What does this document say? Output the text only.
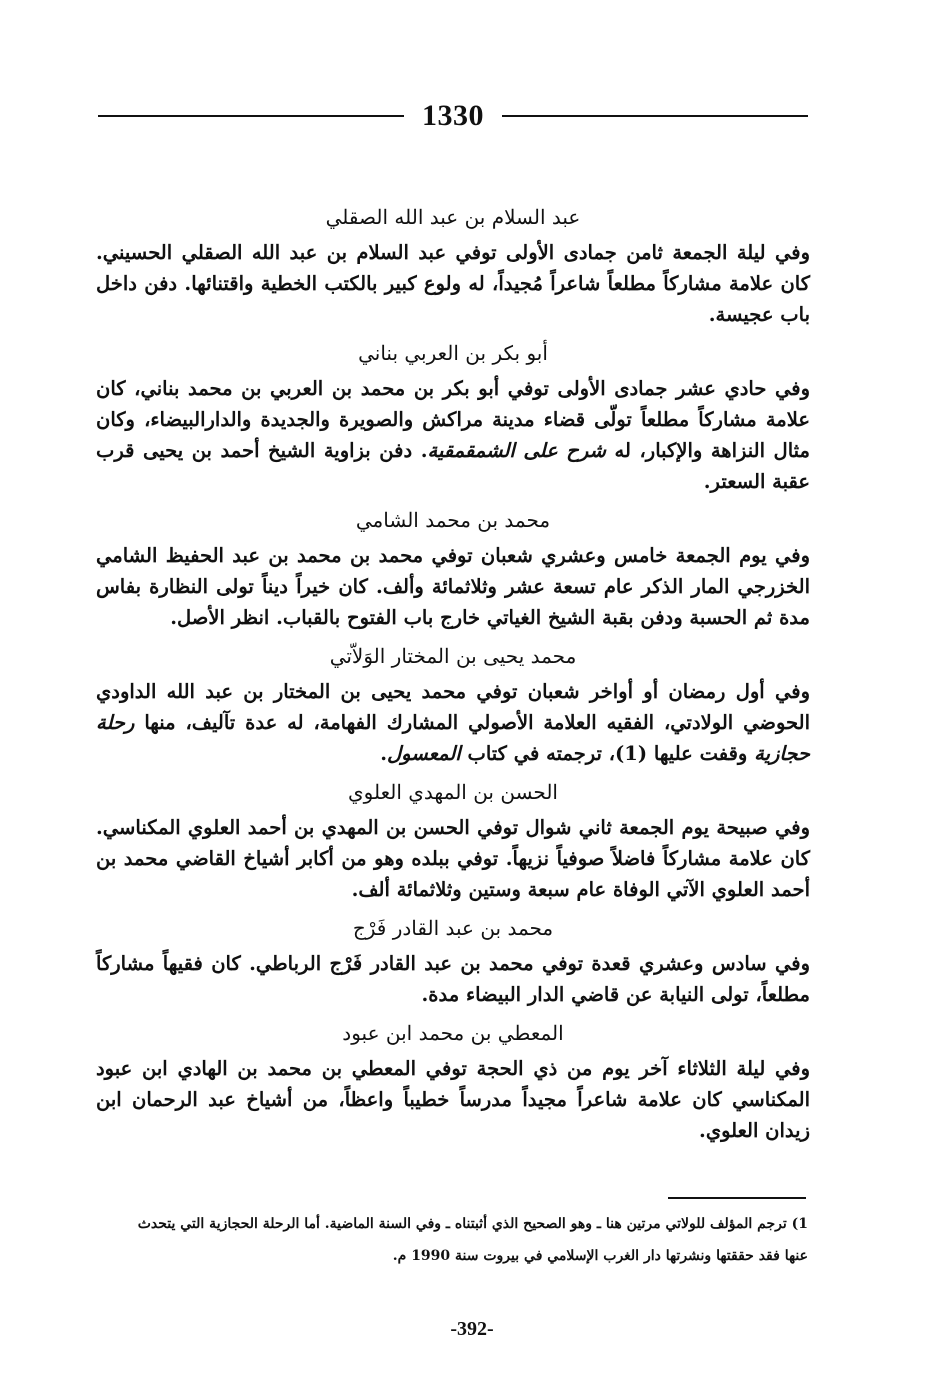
1330
عبد السلام بن عبد الله الصقلي

وفي ليلة الجمعة ثامن جمادى الأولى توفي عبد السلام بن عبد الله الصقلي الحسيني. كان علامة مشاركاً مطلعاً شاعراً مُجيداً، له ولوع كبير بالكتب الخطية واقتنائها. دفن داخل باب عجيسة.

أبو بكر بن العربي بناني

وفي حادي عشر جمادى الأولى توفي أبو بكر بن محمد بن العربي بن محمد بناني، كان علامة مشاركاً مطلعاً تولّى قضاء مدينة مراكش والصويرة والجديدة والدارالبيضاء، وكان مثال النزاهة والإكبار، له شرح على الشمقمقية. دفن بزاوية الشيخ أحمد بن يحيى قرب عقبة السعتر.

محمد بن محمد الشامي

وفي يوم الجمعة خامس وعشري شعبان توفي محمد بن محمد بن عبد الحفيظ الشامي الخزرجي المار الذكر عام تسعة عشر وثلاثمائة وألف. كان خيراً ديناً تولى النظارة بفاس مدة ثم الحسبة ودفن بقبة الشيخ الغياتي خارج باب الفتوح بالقباب. انظر الأصل.

محمد يحيى بن المختار الوَلاّتي

وفي أول رمضان أو أواخر شعبان توفي محمد يحيى بن المختار بن عبد الله الداودي الحوضي الولادتي، الفقيه العلامة الأصولي المشارك الفهامة، له عدة تآليف، منها رحلة حجازية وقفت عليها (1)، ترجمته في كتاب المعسول.

الحسن بن المهدي العلوي

وفي صبيحة يوم الجمعة ثاني شوال توفي الحسن بن المهدي بن أحمد العلوي المكناسي. كان علامة مشاركاً فاضلاً صوفياً نزيهاً. توفي ببلده وهو من أكابر أشياخ القاضي محمد بن أحمد العلوي الآتي الوفاة عام سبعة وستين وثلاثمائة ألف.

محمد بن عبد القادر فَرْج

وفي سادس وعشري قعدة توفي محمد بن عبد القادر فَرْج الرباطي. كان فقيهاً مشاركاً مطلعاً، تولى النيابة عن قاضي الدار البيضاء مدة.

المعطي بن محمد ابن عبود

وفي ليلة الثلاثاء آخر يوم من ذي الحجة توفي المعطي بن محمد بن الهادي ابن عبود المكناسي كان علامة شاعراً مجيداً مدرساً خطيباً واعظاً، من أشياخ عبد الرحمان ابن زيدان العلوي.

1) ترجم المؤلف للولاتي مرتين هنا ـ وهو الصحيح الذي أثبتناه ـ وفي السنة الماضية. أما الرحلة الحجازية التي يتحدث
عنها فقد حققتها ونشرتها دار الغرب الإسلامي في بيروت سنة 1990 م.
-392-
